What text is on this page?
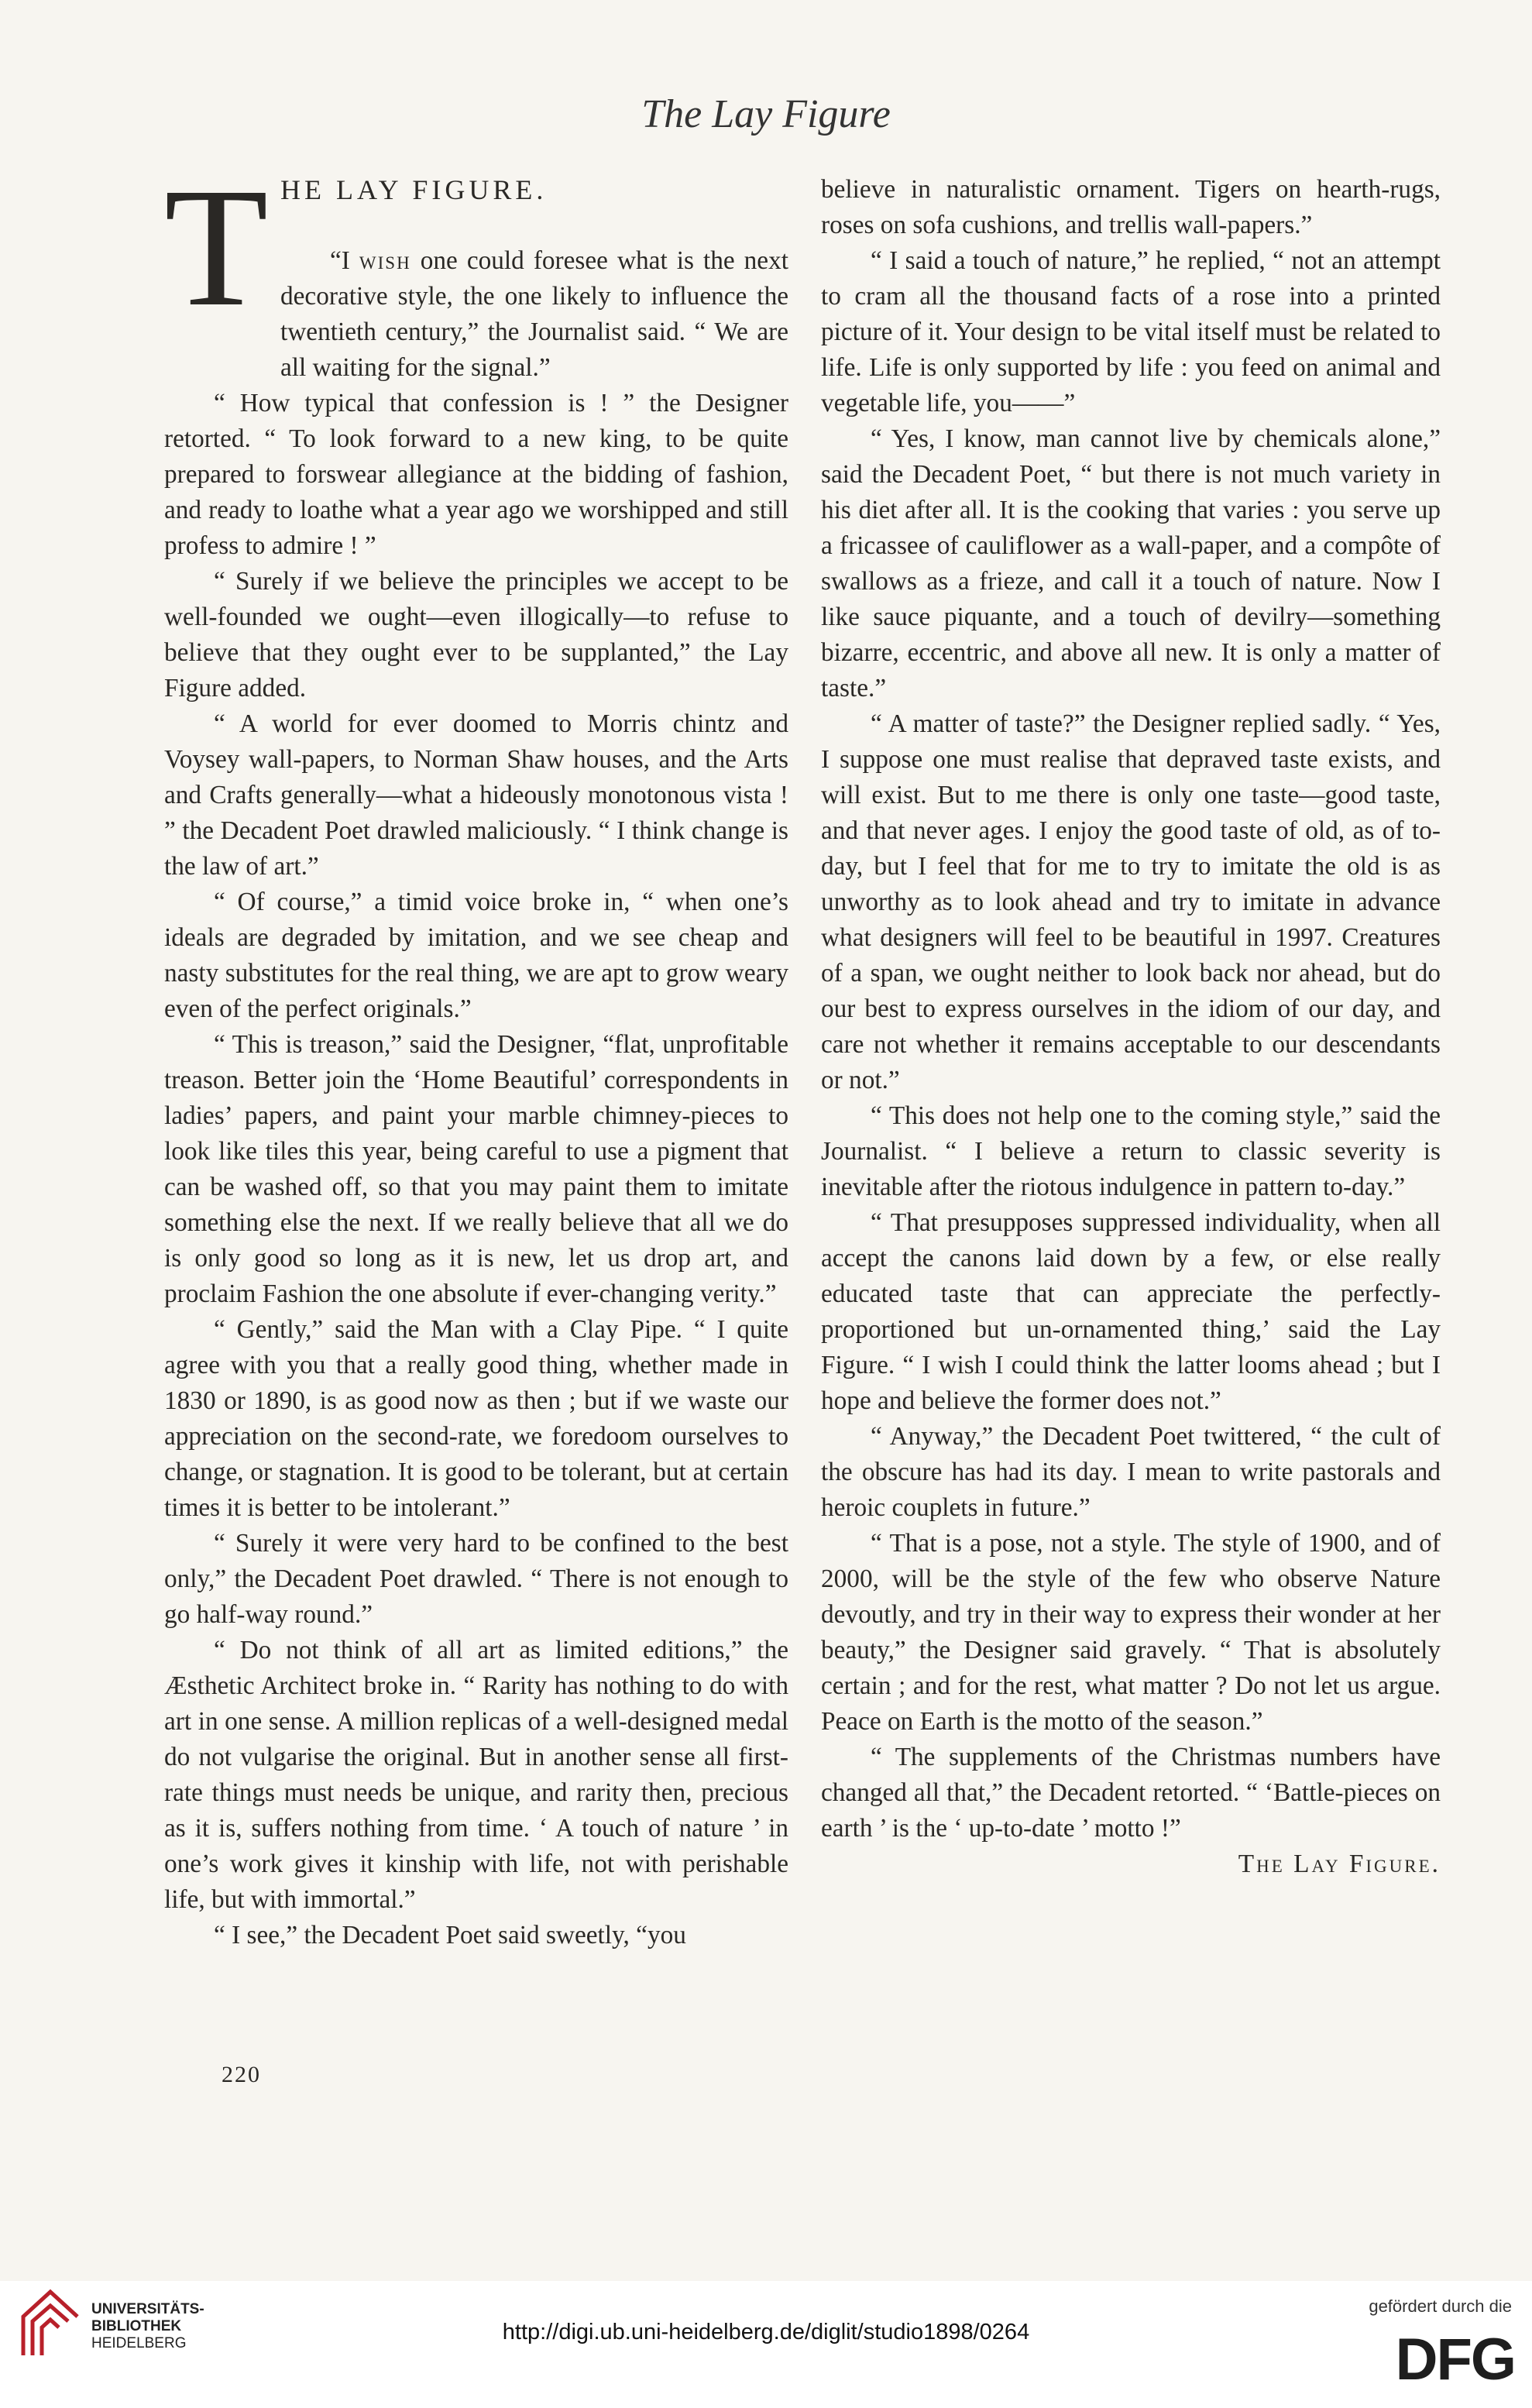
The Lay Figure
T HE LAY FIGURE.

“I wish one could foresee what is the next decorative style, the one likely to influence the twentieth century,” the Journalist said. “ We are all waiting for the signal.”

“ How typical that confession is ! ” the Designer retorted. “ To look forward to a new king, to be quite prepared to forswear allegiance at the bidding of fashion, and ready to loathe what a year ago we worshipped and still profess to admire ! ”

“ Surely if we believe the principles we accept to be well-founded we ought—even illogically—to refuse to believe that they ought ever to be supplanted,” the Lay Figure added.

“ A world for ever doomed to Morris chintz and Voysey wall-papers, to Norman Shaw houses, and the Arts and Crafts generally—what a hideously monotonous vista ! ” the Decadent Poet drawled maliciously. “ I think change is the law of art.”

“ Of course,” a timid voice broke in, “ when one’s ideals are degraded by imitation, and we see cheap and nasty substitutes for the real thing, we are apt to grow weary even of the perfect originals.”

“ This is treason,” said the Designer, “flat, unprofitable treason. Better join the ‘Home Beautiful’ correspondents in ladies’ papers, and paint your marble chimney-pieces to look like tiles this year, being careful to use a pigment that can be washed off, so that you may paint them to imitate something else the next. If we really believe that all we do is only good so long as it is new, let us drop art, and proclaim Fashion the one absolute if ever-changing verity.”

“ Gently,” said the Man with a Clay Pipe. “ I quite agree with you that a really good thing, whether made in 1830 or 1890, is as good now as then ; but if we waste our appreciation on the second-rate, we foredoom ourselves to change, or stagnation. It is good to be tolerant, but at certain times it is better to be intolerant.”

“ Surely it were very hard to be confined to the best only,” the Decadent Poet drawled. “ There is not enough to go half-way round.”

“ Do not think of all art as limited editions,” the Æsthetic Architect broke in. “ Rarity has nothing to do with art in one sense. A million replicas of a well-designed medal do not vulgarise the original. But in another sense all first-rate things must needs be unique, and rarity then, precious as it is, suffers nothing from time. ‘ A touch of nature ’ in one’s work gives it kinship with life, not with perishable life, but with immortal.”

“ I see,” the Decadent Poet said sweetly, “you

believe in naturalistic ornament. Tigers on hearth-rugs, roses on sofa cushions, and trellis wall-papers.”

“ I said a touch of nature,” he replied, “ not an attempt to cram all the thousand facts of a rose into a printed picture of it. Your design to be vital itself must be related to life. Life is only supported by life : you feed on animal and vegetable life, you——”

“ Yes, I know, man cannot live by chemicals alone,” said the Decadent Poet, “ but there is not much variety in his diet after all. It is the cooking that varies : you serve up a fricassee of cauliflower as a wall-paper, and a compôte of swallows as a frieze, and call it a touch of nature. Now I like sauce piquante, and a touch of devilry—something bizarre, eccentric, and above all new. It is only a matter of taste.”

“ A matter of taste?” the Designer replied sadly. “ Yes, I suppose one must realise that depraved taste exists, and will exist. But to me there is only one taste—good taste, and that never ages. I enjoy the good taste of old, as of to-day, but I feel that for me to try to imitate the old is as unworthy as to look ahead and try to imitate in advance what designers will feel to be beautiful in 1997. Creatures of a span, we ought neither to look back nor ahead, but do our best to express ourselves in the idiom of our day, and care not whether it remains acceptable to our descendants or not.”

“ This does not help one to the coming style,” said the Journalist. “ I believe a return to classic severity is inevitable after the riotous indulgence in pattern to-day.”

“ That presupposes suppressed individuality, when all accept the canons laid down by a few, or else really educated taste that can appreciate the perfectly-proportioned but un-ornamented thing,’ said the Lay Figure. “ I wish I could think the latter looms ahead ; but I hope and believe the former does not.”

“ Anyway,” the Decadent Poet twittered, “ the cult of the obscure has had its day. I mean to write pastorals and heroic couplets in future.”

“ That is a pose, not a style. The style of 1900, and of 2000, will be the style of the few who observe Nature devoutly, and try in their way to express their wonder at her beauty,” the Designer said gravely. “ That is absolutely certain ; and for the rest, what matter ? Do not let us argue. Peace on Earth is the motto of the season.”

“ The supplements of the Christmas numbers have changed all that,” the Decadent retorted. “ ‘Battle-pieces on earth ’ is the ‘ up-to-date ’ motto !”

The Lay Figure.

220
UNIVERSITÄTS-
BIBLIOTHEK
HEIDELBERG	http://digi.ub.uni-heidelberg.de/diglit/studio1898/0264
gefördert durch die
DFG
